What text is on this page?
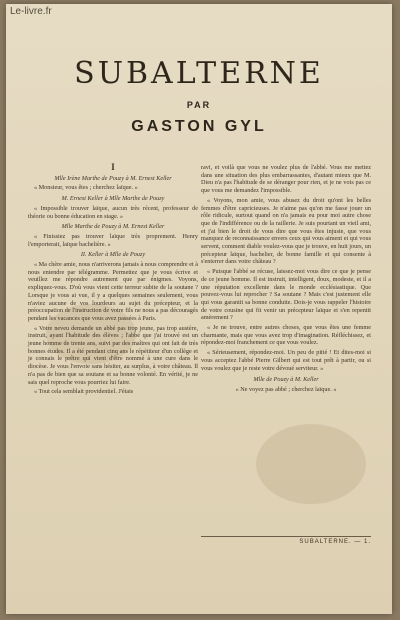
Le-livre.fr
SUBALTERNE
PAR
GASTON GYL
I
Mlle Irène Marthe de Pouzy à M. Ernest Keller
« Monsieur, vous êtes ; cherchez laïque. »
M. Ernest Keller à Mlle Marthe de Pouzy
« Impossible trouver laïque, aucun très récent, professeur de théorie ou bonne éducation en stage. »
Mlle Marthe de Pouzy à M. Ernest Keller
« Finissiez pas trouver laïque très proprement. Henry l'emporterait, laïque bachelière. »
II. Keller à Mlle de Pouzy
« Ma chère amie, nous n'arriverons jamais à nous comprendre et à nous entendre par télégramme. Permettez que je vous écrive et veuillez me répondre autrement que par énigmes. Voyons, expliquez-vous. D'où vous vient cette terreur subite de la soutane ? Lorsque je vous ai vue, il y a quelques semaines seulement, vous n'aviez aucune de vos lourdeurs au sujet du précepteur, et la préoccupation de l'instruction de votre fils ne nous a pas découragés pendant les vacances que vous avez passées à Paris.
« Votre neveu demande un abbé pas trop jeune, pas trop austère, instruit, ayant l'habitude des élèves ; l'abbé que j'ai trouvé est un jeune homme de trente ans, suivi par des maîtres qui ont fait de très bonnes études. Il a été pendant cinq ans le répétiteur d'un collège et je connais le prêtre qui vient d'être nommé à une cure dans le diocèse. Je vous l'envoie sans hésiter, au surplus, à votre château. Il n'a pas de bien que sa soutane et sa bonne volonté. En vérité, je ne sais quel reproche vous pourriez lui faire.
« Tout cela semblait providentiel. J'étais
ravi, et voilà que vous ne voulez plus de l'abbé. Vous me mettez dans une situation des plus embarrassantes, d'autant mieux que M. Dieu n'a pas l'habitude de se déranger pour rien, et je ne vois pas ce que vous me demandez l'impossible.
« Voyons, mon amie, vous abusez du droit qu'ont les belles femmes d'être capricieuses. Je n'aime pas qu'on me fasse jouer un rôle ridicule, surtout quand on n'a jamais eu pour moi autre chose que de l'indifférence ou de la raillerie. Je suis pourtant un vieil ami, et j'ai bien le droit de vous dire que vous êtes injuste, que vous manquez de reconnaissance envers ceux qui vous aiment et qui vous servent, comment diable voulez-vous que je trouve, en huit jours, un précepteur laïque, bachelier, de bonne famille et qui consente à s'enterrer dans votre château ?
« Puisque l'abbé se récuse, laissez-moi vous dire ce que je pense de ce jeune homme. Il est instruit, intelligent, doux, modeste, et il a une réputation excellente dans le monde ecclésiastique. Que pouvez-vous lui reprocher ? Sa soutane ? Mais c'est justement elle qui vous garantit sa bonne conduite. Dois-je vous rappeler l'histoire de votre cousine qui fit venir un précepteur laïque et s'en repentit amèrement ?
« Je ne trouve, entre autres choses, que vous êtes une femme charmante, mais que vous avez trop d'imagination. Réfléchissez, et répondez-moi franchement ce que vous voulez.
« Sérieusement, répondez-moi. Un peu de pitié ! Et dites-moi si vous acceptez l'abbé Pierre Gilbert qui est tout prêt à partir, ou si vous voulez que je reste votre dévoué serviteur. »
Mlle de Pouzy à M. Keller
« Ne voyez pas abbé ; cherchez laïque. »
SUBALTERNE. — 1.
